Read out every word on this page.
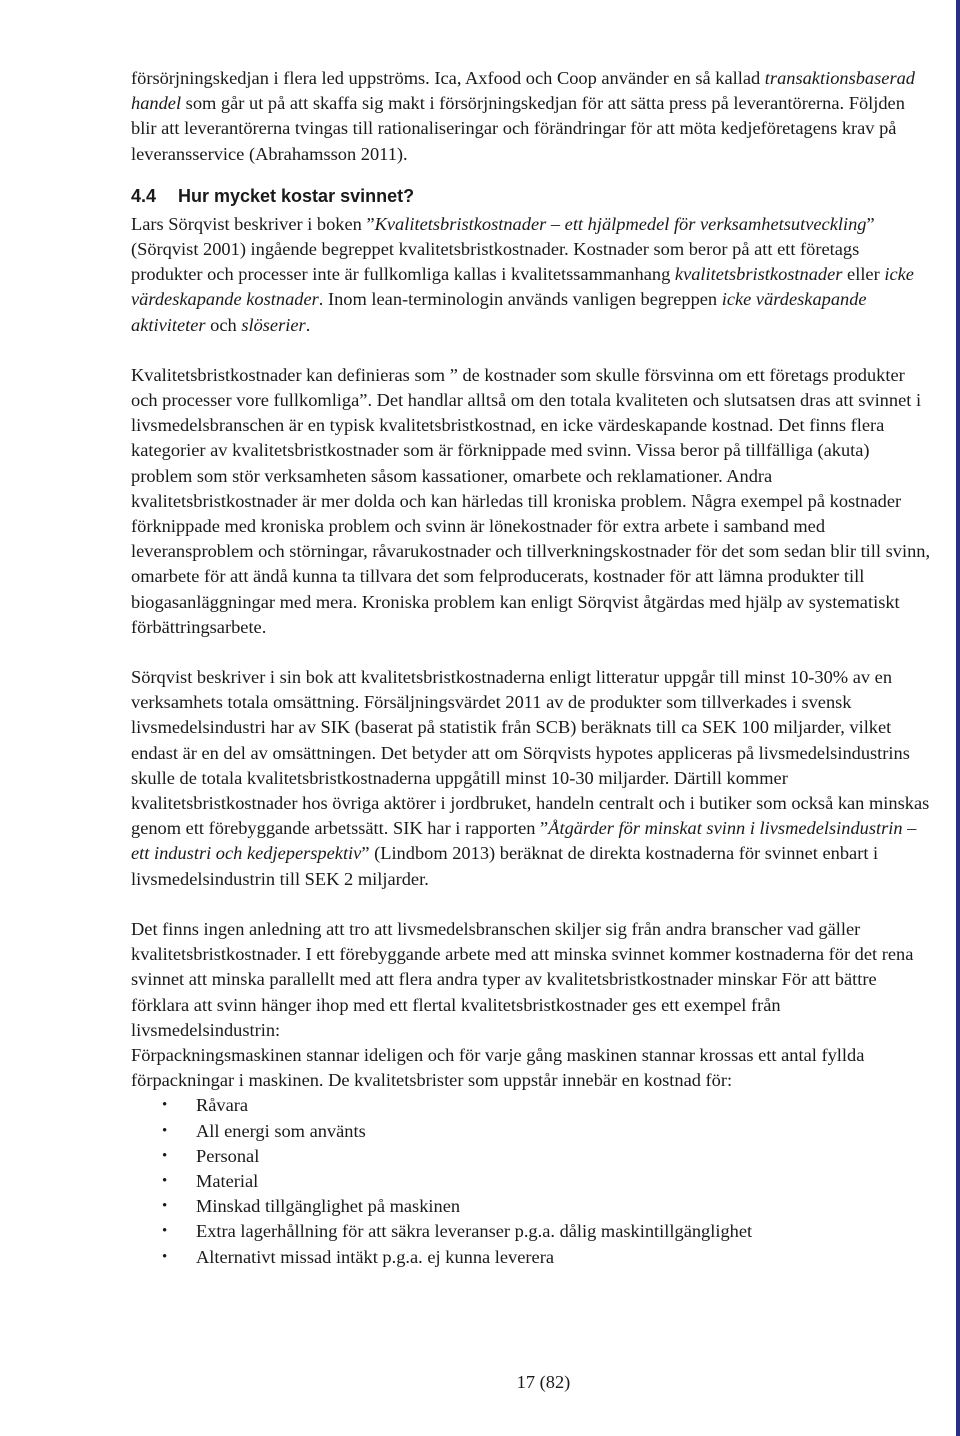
försörjningskedjan i flera led uppströms. Ica, Axfood och Coop använder en så kallad transaktionsbaserad handel som går ut på att skaffa sig makt i försörjningskedjan för att sätta press på leverantörerna. Följden blir att leverantörerna tvingas till rationaliseringar och förändringar för att möta kedjeföretagens krav på leveransservice (Abrahamsson 2011).

4.4 Hur mycket kostar svinnet?

Lars Sörqvist beskriver i boken ”Kvalitetsbristkostnader – ett hjälpmedel för verksamhetsutveckling” (Sörqvist 2001) ingående begreppet kvalitetsbristkostnader. Kostnader som beror på att ett företags produkter och processer inte är fullkomliga kallas i kvalitetssammanhang kvalitetsbristkostnader eller icke värdeskapande kostnader. Inom lean-terminologin används vanligen begreppen icke värdeskapande aktiviteter och slöserier.

Kvalitetsbristkostnader kan definieras som ” de kostnader som skulle försvinna om ett företags produkter och processer vore fullkomliga”. Det handlar alltså om den totala kvaliteten och slutsatsen dras att svinnet i livsmedelsbranschen är en typisk kvalitetsbristkostnad, en icke värdeskapande kostnad. Det finns flera kategorier av kvalitetsbristkostnader som är förknippade med svinn. Vissa beror på tillfälliga (akuta) problem som stör verksamheten såsom kassationer, omarbete och reklamationer. Andra kvalitetsbristkostnader är mer dolda och kan härledas till kroniska problem. Några exempel på kostnader förknippade med kroniska problem och svinn är lönekostnader för extra arbete i samband med leveransproblem och störningar, råvarukostnader och tillverkningskostnader för det som sedan blir till svinn, omarbete för att ändå kunna ta tillvara det som felproducerats, kostnader för att lämna produkter till biogasanläggningar med mera. Kroniska problem kan enligt Sörqvist åtgärdas med hjälp av systematiskt förbättringsarbete.

Sörqvist beskriver i sin bok att kvalitetsbristkostnaderna enligt litteratur uppgår till minst 10-30% av en verksamhets totala omsättning. Försäljningsvärdet 2011 av de produkter som tillverkades i svensk livsmedelsindustri har av SIK (baserat på statistik från SCB) beräknats till ca SEK 100 miljarder, vilket endast är en del av omsättningen. Det betyder att om Sörqvists hypotes appliceras på livsmedelsindustrins skulle de totala kvalitetsbristkostnaderna uppgåtill minst 10-30 miljarder. Därtill kommer kvalitetsbristkostnader hos övriga aktörer i jordbruket, handeln centralt och i butiker som också kan minskas genom ett förebyggande arbetssätt. SIK har i rapporten ”Åtgärder för minskat svinn i livsmedelsindustrin – ett industri och kedjeperspektiv” (Lindbom 2013) beräknat de direkta kostnaderna för svinnet enbart i livsmedelsindustrin till SEK 2 miljarder.

Det finns ingen anledning att tro att livsmedelsbranschen skiljer sig från andra branscher vad gäller kvalitetsbristkostnader. I ett förebyggande arbete med att minska svinnet kommer kostnaderna för det rena svinnet att minska parallellt med att flera andra typer av kvalitetsbristkostnader minskar För att bättre förklara att svinn hänger ihop med ett flertal kvalitetsbristkostnader ges ett exempel från livsmedelsindustrin:

Förpackningsmaskinen stannar ideligen och för varje gång maskinen stannar krossas ett antal fyllda förpackningar i maskinen. De kvalitetsbrister som uppstår innebär en kostnad för:

• Råvara
• All energi som använts
• Personal
• Material
• Minskad tillgänglighet på maskinen
• Extra lagerhållning för att säkra leveranser p.g.a. dålig maskintillgänglighet
• Alternativt missad intäkt p.g.a. ej kunna leverera
17 (82)
